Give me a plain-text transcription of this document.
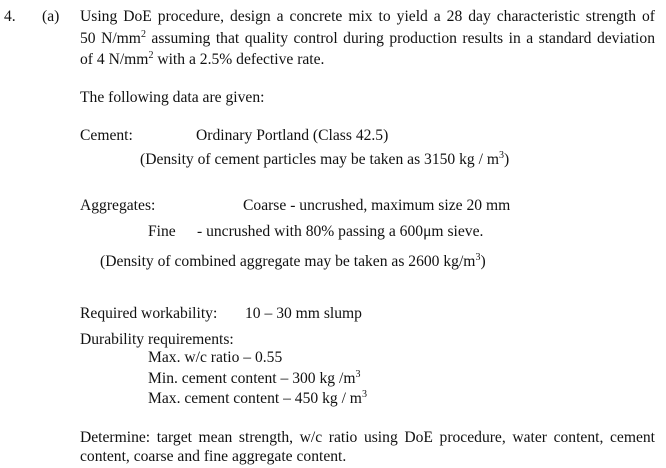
4. (a) Using DoE procedure, design a concrete mix to yield a 28 day characteristic strength of
50 $N/mm^2$ assuming that quality control during production results in a standard deviation
of 4 $N/mm^2$ with a 2.5% defective rate.
The following data are given:
Cement:	Ordinary Portland (Class 42.5)
(Density of cement particles may be taken as 3150 kg / $m^3$)
Aggregates:	Coarse - uncrushed, maximum size 20 mm
Fine - uncrushed with 80% passing a 600μm sieve.
(Density of combined aggregate may be taken as 2600 $kg/m^3$)
Required workability: 10 – 30 mm slump
Durability requirements:
Max. w/c ratio – 0.55
Min. cement content – 300 kg $/m^3$
Max. cement content – 450 kg / $m^3$
Determine: target mean strength, w/c ratio using DoE procedure, water content, cement
content, coarse and fine aggregate content.
